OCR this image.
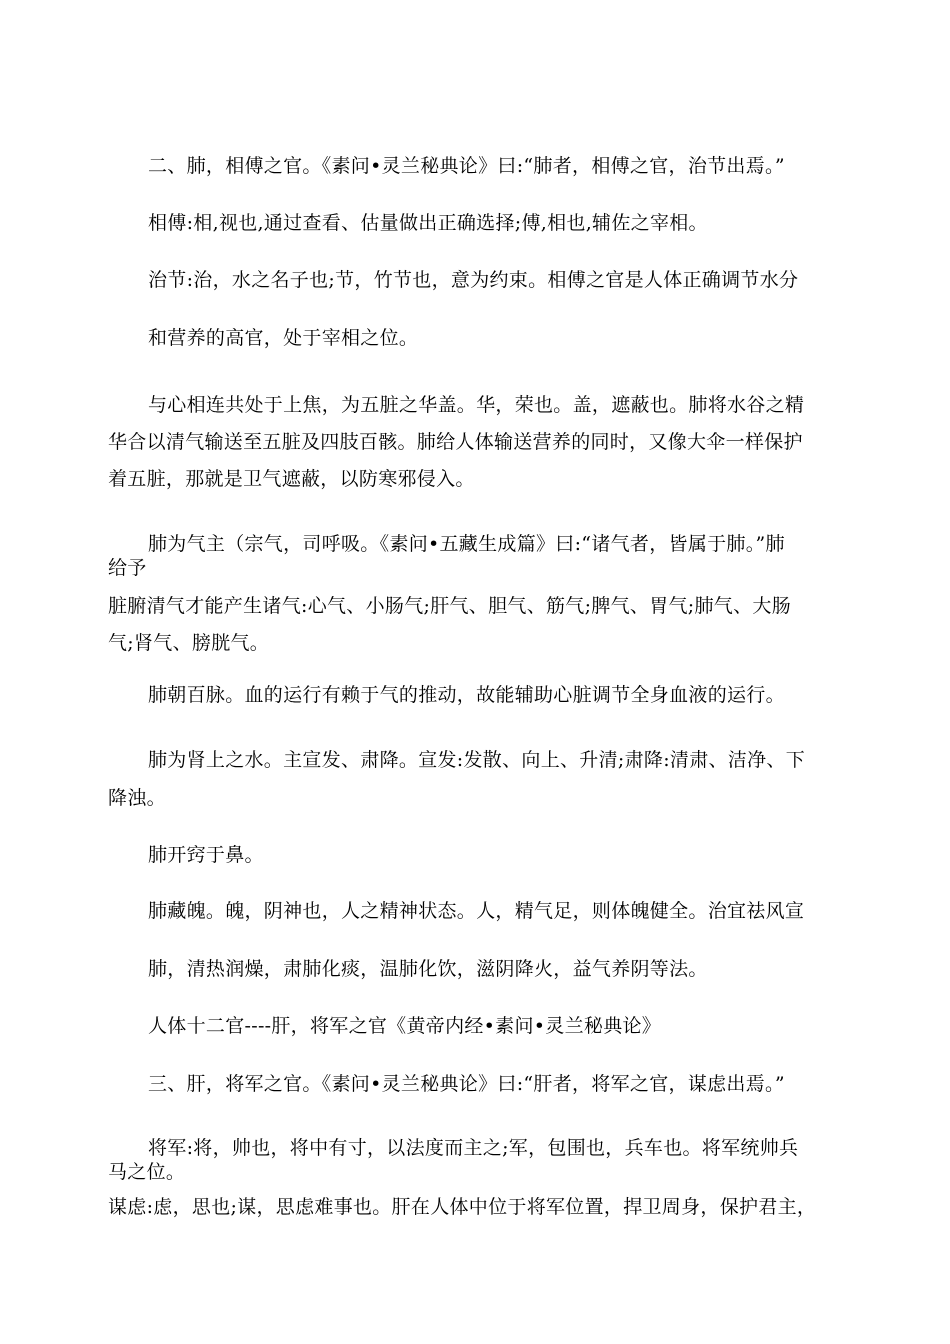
二、肺，相傅之官。《素问•灵兰秘典论》曰:“肺者，相傅之官，治节出焉。”
相傅:相,视也,通过查看、估量做出正确选择;傅,相也,辅佐之宰相。
治节:治，水之名子也;节，竹节也，意为约束。相傅之官是人体正确调节水分
和营养的高官，处于宰相之位。
与心相连共处于上焦，为五脏之华盖。华，荣也。盖，遮蔽也。肺将水谷之精
华合以清气输送至五脏及四肢百骸。肺给人体输送营养的同时，又像大伞一样保护
着五脏，那就是卫气遮蔽，以防寒邪侵入。
肺为气主（宗气，司呼吸。《素问•五藏生成篇》曰:“诸气者，皆属于肺。”肺
给予
脏腑清气才能产生诸气:心气、小肠气;肝气、胆气、筋气;脾气、胃气;肺气、大肠
气;肾气、膀胱气。
肺朝百脉。血的运行有赖于气的推动，故能辅助心脏调节全身血液的运行。
肺为肾上之水。主宣发、肃降。宣发:发散、向上、升清;肃降:清肃、洁净、下
降浊。
肺开窍于鼻。
肺藏魄。魄，阴神也，人之精神状态。人，精气足，则体魄健全。治宜祛风宣
肺，清热润燥，肃肺化痰，温肺化饮，滋阴降火，益气养阴等法。
人体十二官----肝，将军之官《黄帝内经•素问•灵兰秘典论》
三、肝，将军之官。《素问•灵兰秘典论》曰:“肝者，将军之官，谋虑出焉。”
将军:将，帅也，将中有寸，以法度而主之;军，包围也，兵车也。将军统帅兵
马之位。
谋虑:虑，思也;谋，思虑难事也。肝在人体中位于将军位置，捍卫周身，保护君主，
